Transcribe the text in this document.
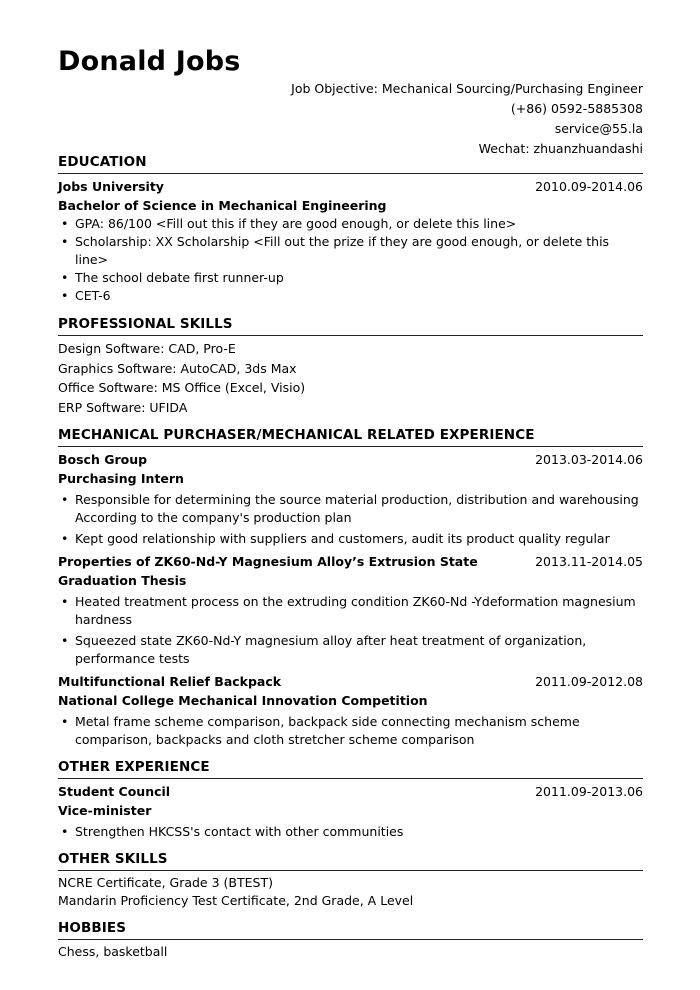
Donald Jobs
Job Objective: Mechanical Sourcing/Purchasing Engineer
(+86) 0592-5885308
service@55.la
Wechat: zhuanzhuandashi
EDUCATION
Jobs University	2010.09-2014.06
Bachelor of Science in Mechanical Engineering
• GPA: 86/100 <Fill out this if they are good enough, or delete this line>
• Scholarship: XX Scholarship <Fill out the prize if they are good enough, or delete this line>
• The school debate first runner-up
• CET-6
PROFESSIONAL SKILLS
Design Software: CAD, Pro-E
Graphics Software: AutoCAD, 3ds Max
Office Software: MS Office (Excel, Visio)
ERP Software: UFIDA
MECHANICAL PURCHASER/MECHANICAL RELATED EXPERIENCE
Bosch Group	2013.03-2014.06
Purchasing Intern
• Responsible for determining the source material production, distribution and warehousing According to the company's production plan
• Kept good relationship with suppliers and customers, audit its product quality regular
Properties of ZK60-Nd-Y Magnesium Alloy’s Extrusion State	2013.11-2014.05
Graduation Thesis
• Heated treatment process on the extruding condition ZK60-Nd -Ydeformation magnesium hardness
• Squeezed state ZK60-Nd-Y magnesium alloy after heat treatment of organization, performance tests
Multifunctional Relief Backpack	2011.09-2012.08
National College Mechanical Innovation Competition
• Metal frame scheme comparison, backpack side connecting mechanism scheme comparison, backpacks and cloth stretcher scheme comparison
OTHER EXPERIENCE
Student Council	2011.09-2013.06
Vice-minister
• Strengthen HKCSS's contact with other communities
OTHER SKILLS
NCRE Certificate, Grade 3 (BTEST)
Mandarin Proficiency Test Certificate, 2nd Grade, A Level
HOBBIES
Chess, basketball
